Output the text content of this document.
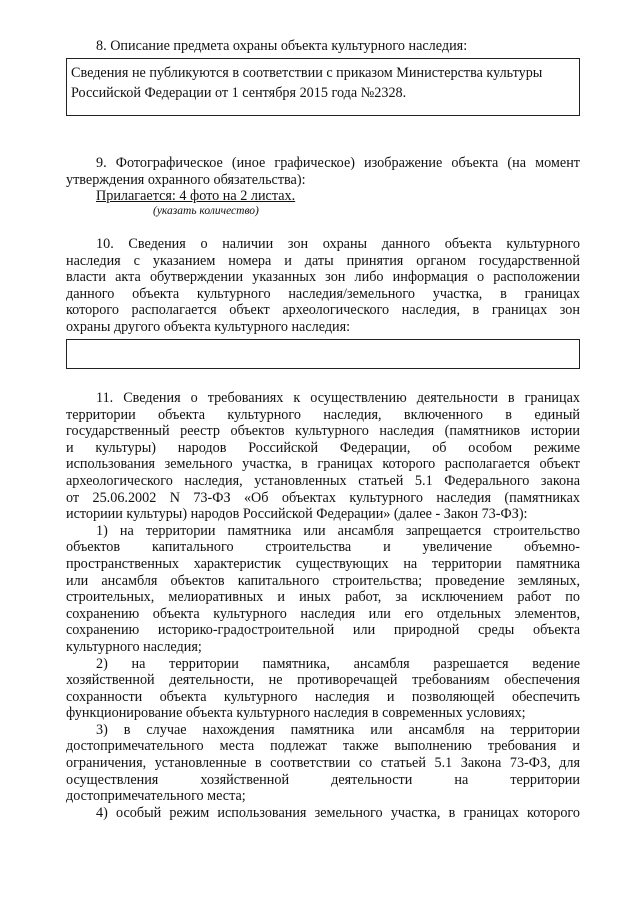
8. Описание предмета охраны объекта культурного наследия:

Сведения не публикуются в соответствии с приказом Министерства культуры
Российской Федерации от 1 сентября 2015 года №2328.
9. Фотографическое (иное графическое) изображение объекта (на момент
утверждения охранного обязательства):
Прилагается: 4 фото на 2 листах.
(указать количество)
10. Сведения о наличии зон охраны данного объекта культурного
наследия с указанием номера и даты принятия органом государственной
власти акта обутверждении указанных зон либо информация о расположении
данного объекта культурного наследия/земельного участка, в границах
которого располагается объект археологического наследия, в границах зон
охраны другого объекта культурного наследия:
11. Сведения о требованиях к осуществлению деятельности в границах
территории объекта культурного наследия, включенного в единый
государственный реестр объектов культурного наследия (памятников истории
и культуры) народов Российской Федерации, об особом режиме
использования земельного участка, в границах которого располагается объект
археологического наследия, установленных статьей 5.1 Федерального закона
от 25.06.2002 N 73-ФЗ «Об объектах культурного наследия (памятниках
историии культуры) народов Российской Федерации» (далее - Закон 73-ФЗ):
1) на территории памятника или ансамбля запрещается строительство
объектов капитального строительства и увеличение объемно-
пространственных характеристик существующих на территории памятника
или ансамбля объектов капитального строительства; проведение земляных,
строительных, мелиоративных и иных работ, за исключением работ по
сохранению объекта культурного наследия или его отдельных элементов,
сохранению историко-градостроительной или природной среды объекта
культурного наследия;
2) на территории памятника, ансамбля разрешается ведение
хозяйственной деятельности, не противоречащей требованиям обеспечения
сохранности объекта культурного наследия и позволяющей обеспечить
функционирование объекта культурного наследия в современных условиях;
3) в случае нахождения памятника или ансамбля на территории
достопримечательного места подлежат также выполнению требования и
ограничения, установленные в соответствии со статьей 5.1 Закона 73-ФЗ, для
осуществления хозяйственной деятельности на территории
достопримечательного места;
4) особый режим использования земельного участка, в границах которого
